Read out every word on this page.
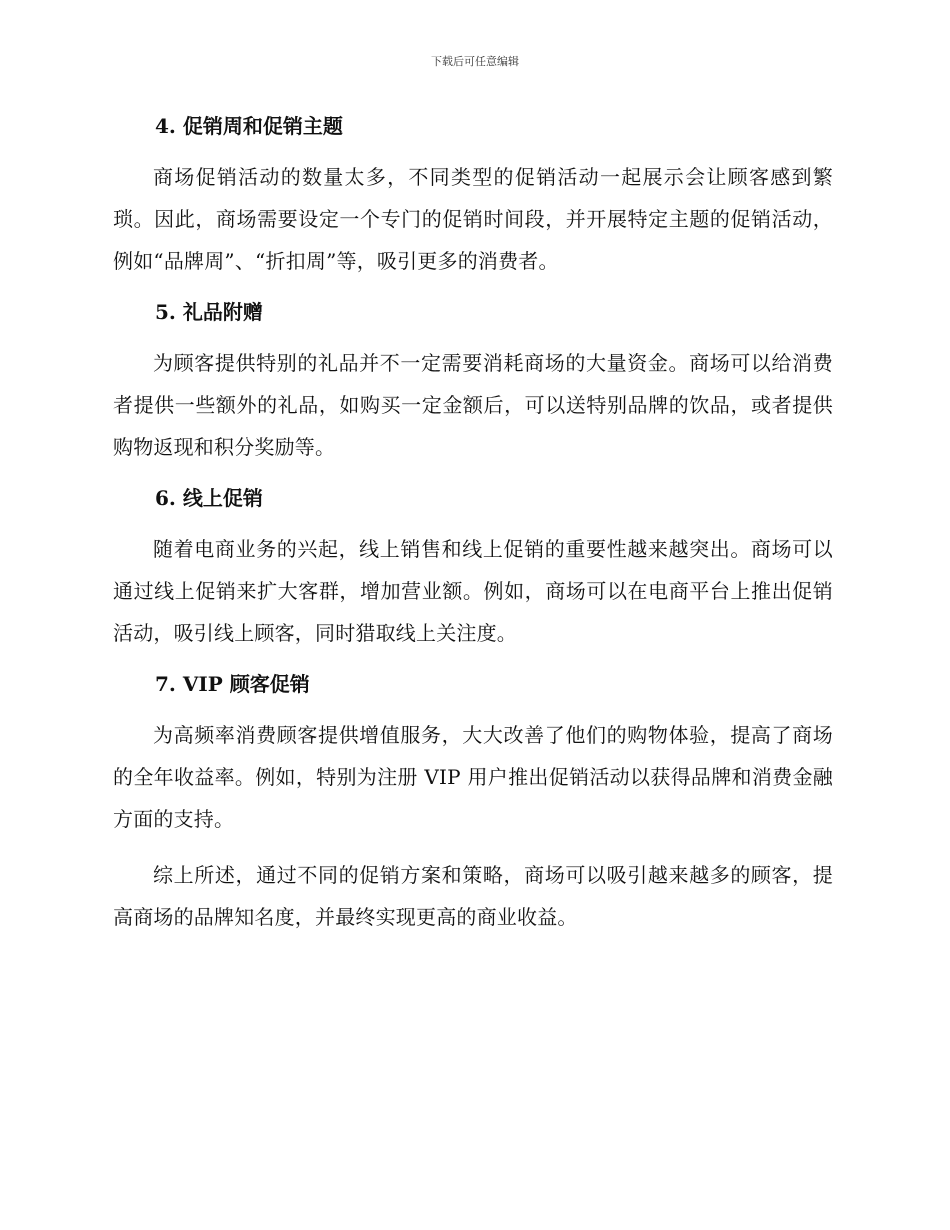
下载后可任意编辑
4. 促销周和促销主题

商场促销活动的数量太多，不同类型的促销活动一起展示会让顾客感到繁琐。因此，商场需要设定一个专门的促销时间段，并开展特定主题的促销活动，例如“品牌周”、“折扣周”等，吸引更多的消费者。

5. 礼品附赠

为顾客提供特别的礼品并不一定需要消耗商场的大量资金。商场可以给消费者提供一些额外的礼品，如购买一定金额后，可以送特别品牌的饮品，或者提供购物返现和积分奖励等。

6. 线上促销

随着电商业务的兴起，线上销售和线上促销的重要性越来越突出。商场可以通过线上促销来扩大客群，增加营业额。例如，商场可以在电商平台上推出促销活动，吸引线上顾客，同时猎取线上关注度。

7. VIP 顾客促销

为高频率消费顾客提供增值服务，大大改善了他们的购物体验，提高了商场的全年收益率。例如，特别为注册 VIP 用户推出促销活动以获得品牌和消费金融方面的支持。

综上所述，通过不同的促销方案和策略，商场可以吸引越来越多的顾客，提高商场的品牌知名度，并最终实现更高的商业收益。
